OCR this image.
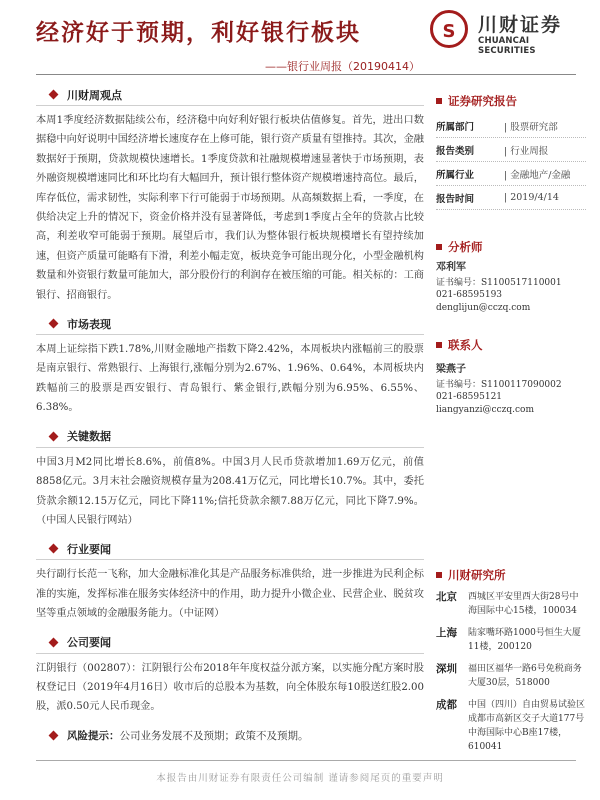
经济好于预期，利好银行板块
——银行业周报（20190414）
S	川财证券
CHUANCAI SECURITIES
川财周观点

本周1季度经济数据陆续公布，经济稳中向好利好银行板块估值修复。首先，进出口数据稳中向好说明中国经济增长速度存在上修可能，银行资产质量有望推持。其次，金融数据好于预期，贷款规模快速增长。1季度贷款和社融规模增速显著快于市场预期，表外融资规模增速同比和环比均有大幅回升，预计银行整体资产规模增速持高位。最后，库存低位，需求韧性，实际利率下行可能弱于市场预期。从高频数据上看，一季度，在供给决定上升的情况下，资金价格并没有显著降低，考虑到1季度占全年的贷款占比较高，利差收窄可能弱于预期。展望后市，我们认为整体银行板块规模增长有望持续加速，但资产质量可能略有下滑，利差小幅走宽，板块竞争可能出现分化，小型金融机构数量和外资银行数量可能加大，部分股份行的利润存在被压缩的可能。相关标的：工商银行、招商银行。

市场表现

本周上证综指下跌1.78%,川财金融地产指数下降2.42%，本周板块内涨幅前三的股票是南京银行、常熟银行、上海银行,涨幅分别为2.67%、1.96%、0.64%，本周板块内跌幅前三的股票是西安银行、青岛银行、紫金银行,跌幅分别为6.95%、6.55%、6.38%。

关键数据

中国3月M2同比增长8.6%，前值8%。中国3月人民币贷款增加1.69万亿元，前值8858亿元。3月末社会融资规模存量为208.41万亿元，同比增长10.7%。其中，委托贷款余额12.15万亿元，同比下降11%;信托贷款余额7.88万亿元，同比下降7.9%。（中国人民银行网站）

行业要闻

央行副行长范一飞称，加大金融标准化其是产品服务标准供给，进一步推进为民利企标准的实施，发挥标准在服务实体经济中的作用，助力提升小微企业、民营企业、脱贫攻坚等重点领域的金融服务能力。（中证网）

公司要闻

江阴银行（002807）：江阴银行公布2018年年度权益分派方案，以实施分配方案时股权登记日（2019年4月16日）收市后的总股本为基数，向全体股东每10股送红股2.00股，派0.50元人民币现金。

风险提示： 公司业务发展不及预期；政策不及预期。
证券研究报告
所属部门	| 股票研究部
报告类别	| 行业周报
所属行业	| 金融地产/金融
报告时间	| 2019/4/14
分析师
邓利军
证书编号：S1100517110001
021-68595193
denglijun@cczq.com
联系人
梁燕子
证书编号：S1100117090002
021-68595121
liangyanzi@cczq.com
川财研究所
北京	西城区平安里西大街28号中海国际中心15楼，100034
上海	陆家嘴环路1000号恒生大厦11楼，200120
深圳	福田区福华一路6号免税商务大厦30层，518000
成都	中国（四川）自由贸易试验区成都市高新区交子大道177号中海国际中心B座17楼，610041
本报告由川财证券有限责任公司编制 谨请参阅尾页的重要声明
